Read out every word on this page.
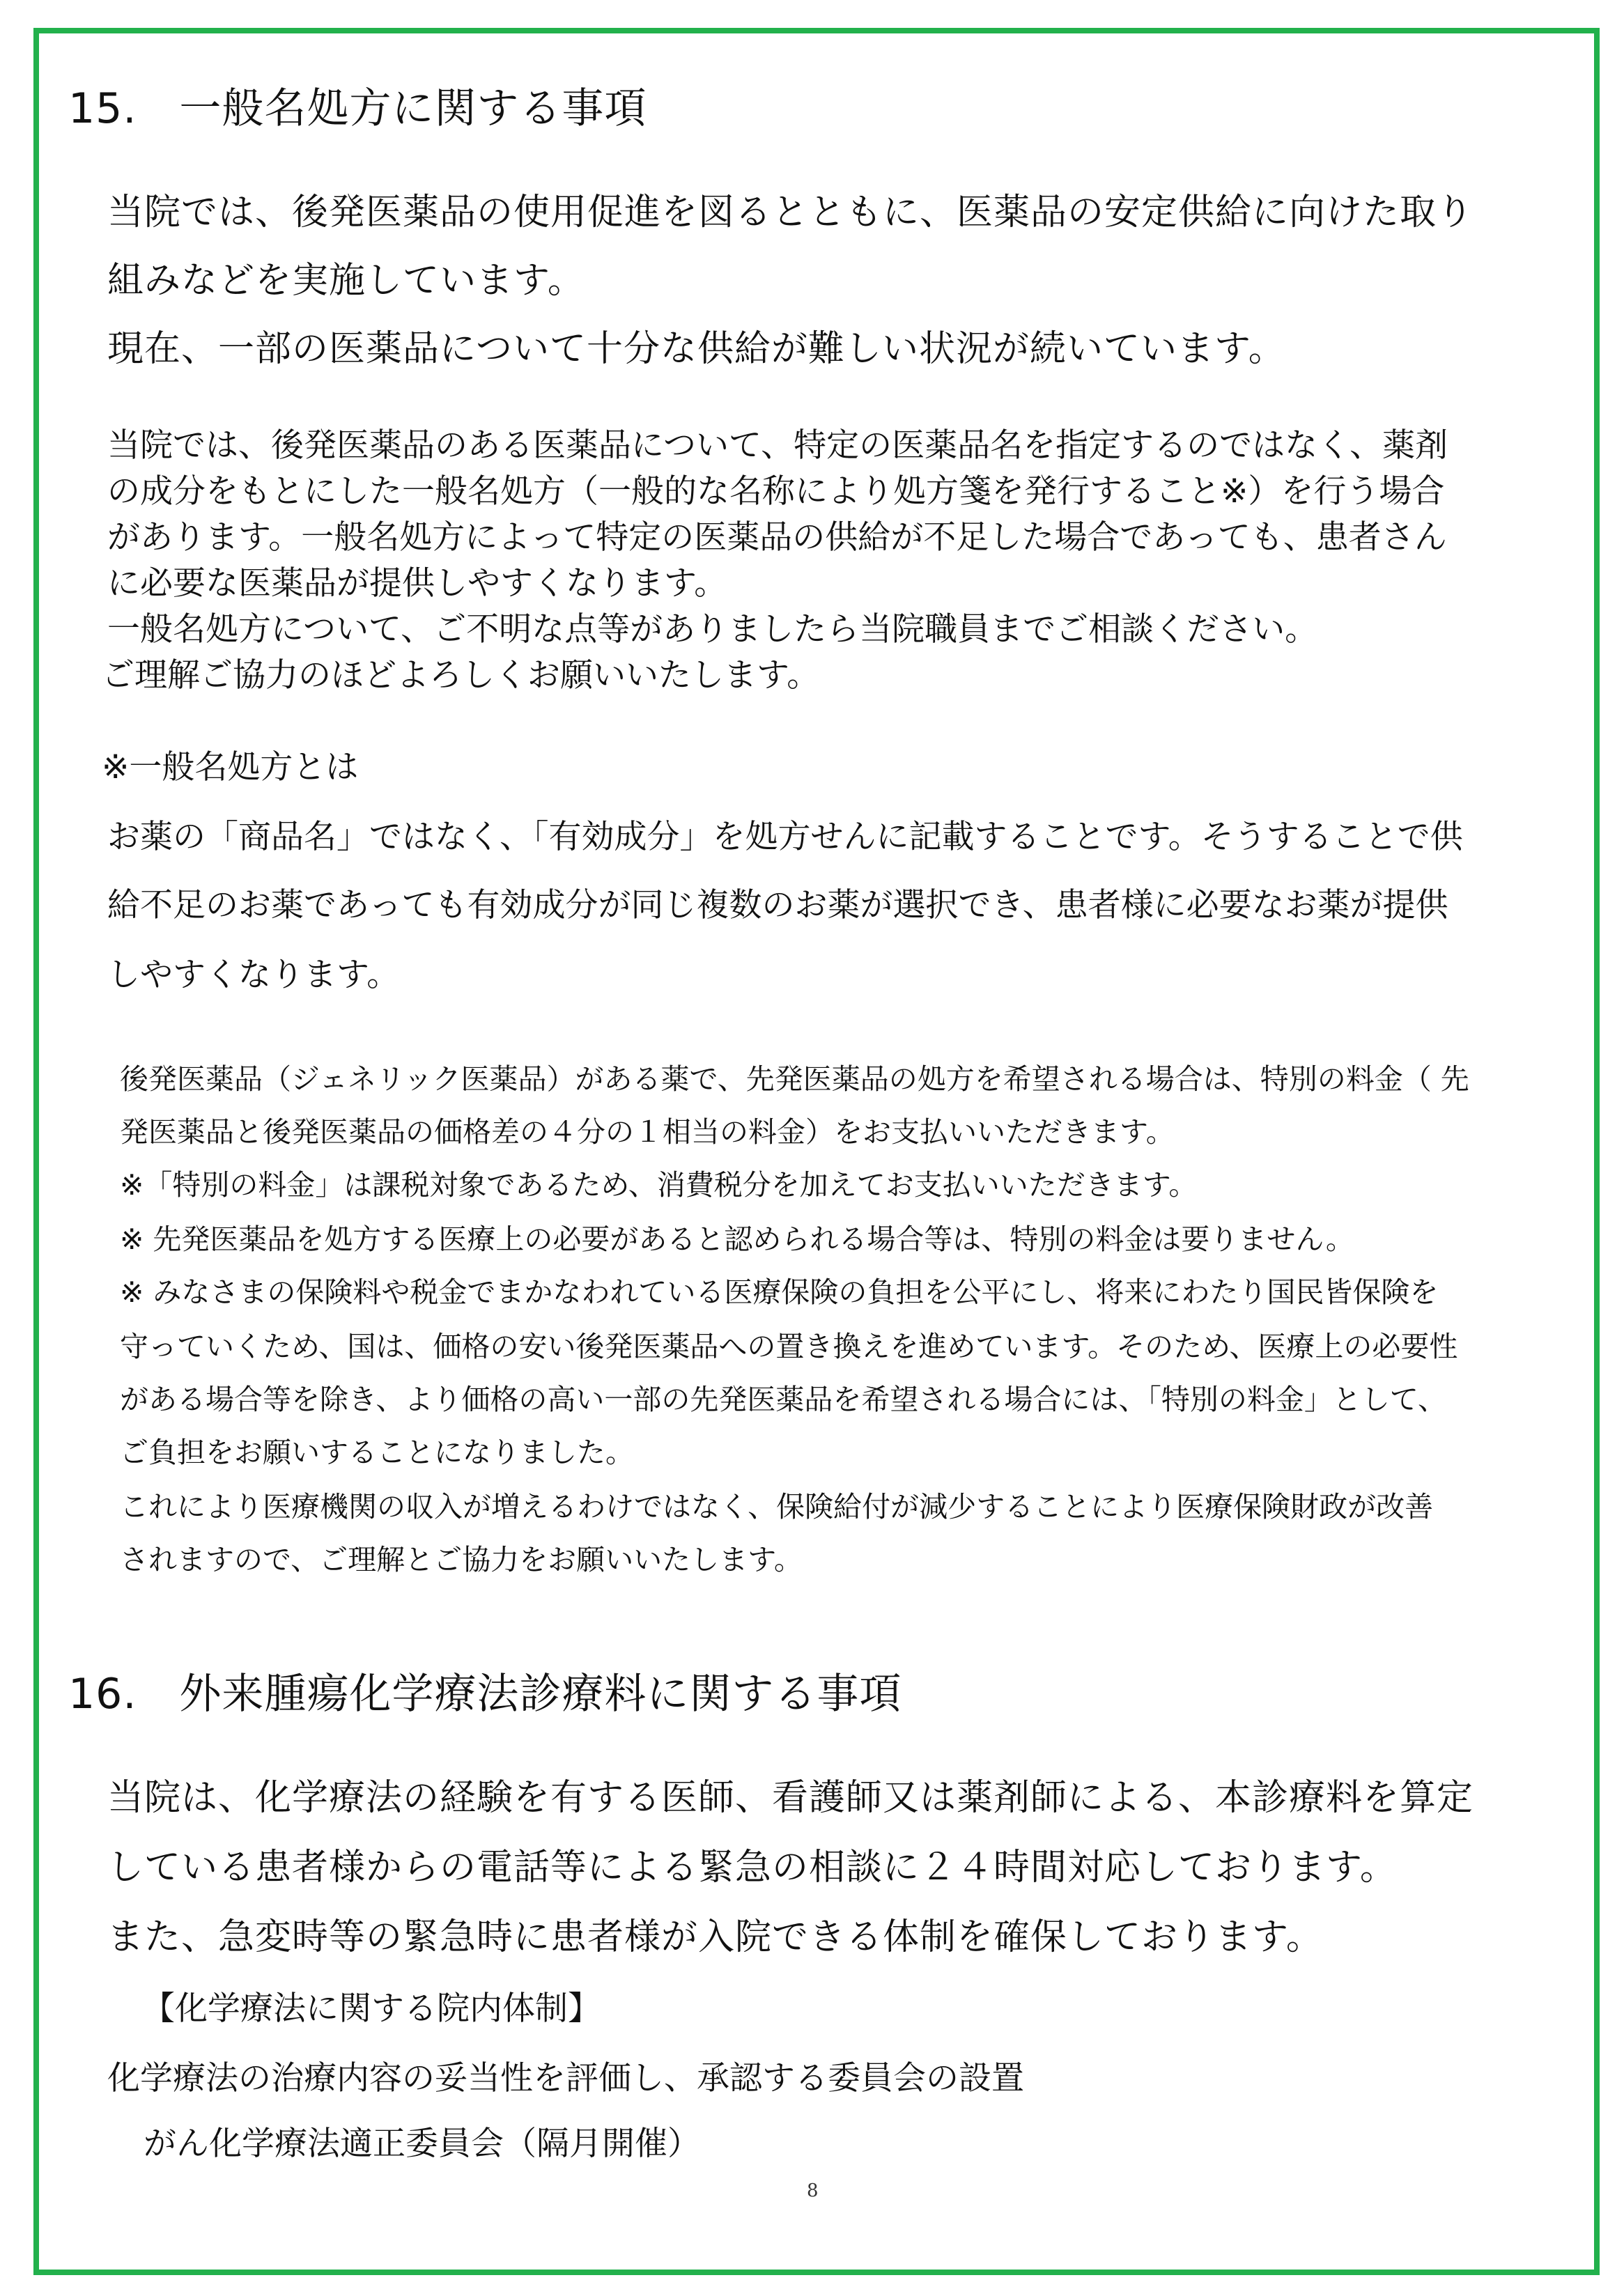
15.　一般名処方に関する事項

当院では、後発医薬品の使用促進を図るとともに、医薬品の安定供給に向けた取り

組みなどを実施しています。

現在、一部の医薬品について十分な供給が難しい状況が続いています。

当院では、後発医薬品のある医薬品について、特定の医薬品名を指定するのではなく、薬剤

の成分をもとにした一般名処方（一般的な名称により処方箋を発行すること※）を行う場合

があります。一般名処方によって特定の医薬品の供給が不足した場合であっても、患者さん

に必要な医薬品が提供しやすくなります。

一般名処方について、ご不明な点等がありましたら当院職員までご相談ください。

ご理解ご協力のほどよろしくお願いいたします。

※一般名処方とは

お薬の「商品名」ではなく、「有効成分」を処方せんに記載することです。そうすることで供

給不足のお薬であっても有効成分が同じ複数のお薬が選択でき、患者様に必要なお薬が提供

しやすくなります。

後発医薬品（ジェネリック医薬品）がある薬で、先発医薬品の処方を希望される場合は、特別の料金（ 先

発医薬品と後発医薬品の価格差の４分の１相当の料金）をお支払いいただきます。

※「特別の料金」は課税対象であるため、消費税分を加えてお支払いいただきます。

※ 先発医薬品を処方する医療上の必要があると認められる場合等は、特別の料金は要りません。

※ みなさまの保険料や税金でまかなわれている医療保険の負担を公平にし、将来にわたり国民皆保険を

守っていくため、国は、価格の安い後発医薬品への置き換えを進めています。そのため、医療上の必要性

がある場合等を除き、より価格の高い一部の先発医薬品を希望される場合には、「特別の料金」として、

ご負担をお願いすることになりました。

これにより医療機関の収入が増えるわけではなく、保険給付が減少することにより医療保険財政が改善

されますので、ご理解とご協力をお願いいたします。

16.　外来腫瘍化学療法診療料に関する事項

当院は、化学療法の経験を有する医師、看護師又は薬剤師による、本診療料を算定

している患者様からの電話等による緊急の相談に２４時間対応しております。

また、急変時等の緊急時に患者様が入院できる体制を確保しております。

【化学療法に関する院内体制】

化学療法の治療内容の妥当性を評価し、承認する委員会の設置

がん化学療法適正委員会（隔月開催）

8
